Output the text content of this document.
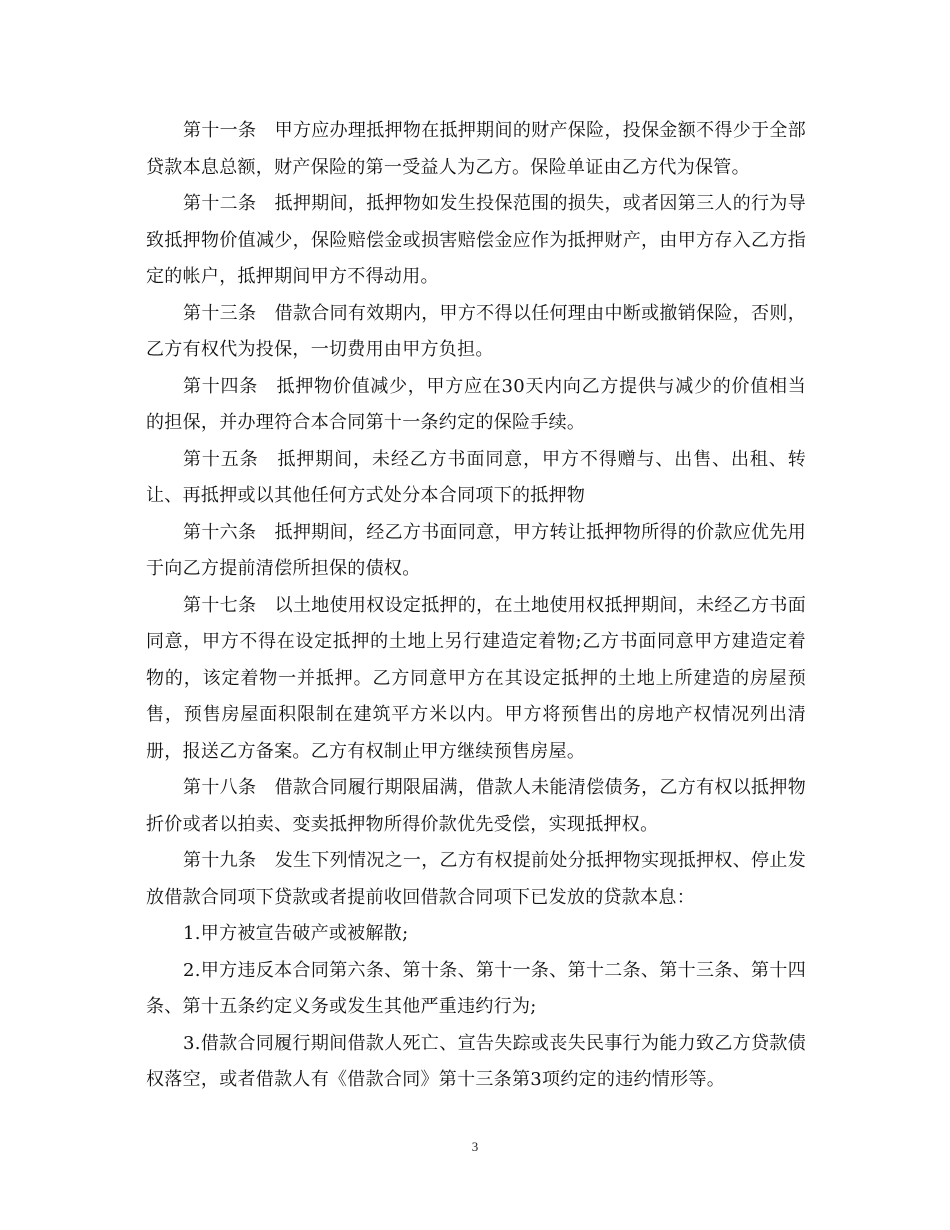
第十一条　甲方应办理抵押物在抵押期间的财产保险，投保金额不得少于全部贷款本息总额，财产保险的第一受益人为乙方。保险单证由乙方代为保管。

第十二条　抵押期间，抵押物如发生投保范围的损失，或者因第三人的行为导致抵押物价值减少，保险赔偿金或损害赔偿金应作为抵押财产，由甲方存入乙方指定的帐户，抵押期间甲方不得动用。

第十三条　借款合同有效期内，甲方不得以任何理由中断或撤销保险，否则，乙方有权代为投保，一切费用由甲方负担。

第十四条　抵押物价值减少，甲方应在30天内向乙方提供与减少的价值相当的担保，并办理符合本合同第十一条约定的保险手续。

第十五条　抵押期间，未经乙方书面同意，甲方不得赠与、出售、出租、转让、再抵押或以其他任何方式处分本合同项下的抵押物

第十六条　抵押期间，经乙方书面同意，甲方转让抵押物所得的价款应优先用于向乙方提前清偿所担保的债权。

第十七条　以土地使用权设定抵押的，在土地使用权抵押期间，未经乙方书面同意，甲方不得在设定抵押的土地上另行建造定着物;乙方书面同意甲方建造定着物的，该定着物一并抵押。乙方同意甲方在其设定抵押的土地上所建造的房屋预售，预售房屋面积限制在建筑平方米以内。甲方将预售出的房地产权情况列出清册，报送乙方备案。乙方有权制止甲方继续预售房屋。

第十八条　借款合同履行期限届满，借款人未能清偿债务，乙方有权以抵押物折价或者以拍卖、变卖抵押物所得价款优先受偿，实现抵押权。

第十九条　发生下列情况之一，乙方有权提前处分抵押物实现抵押权、停止发放借款合同项下贷款或者提前收回借款合同项下已发放的贷款本息：

1.甲方被宣告破产或被解散;

2.甲方违反本合同第六条、第十条、第十一条、第十二条、第十三条、第十四条、第十五条约定义务或发生其他严重违约行为;

3.借款合同履行期间借款人死亡、宣告失踪或丧失民事行为能力致乙方贷款债权落空，或者借款人有《借款合同》第十三条第3项约定的违约情形等。

3
